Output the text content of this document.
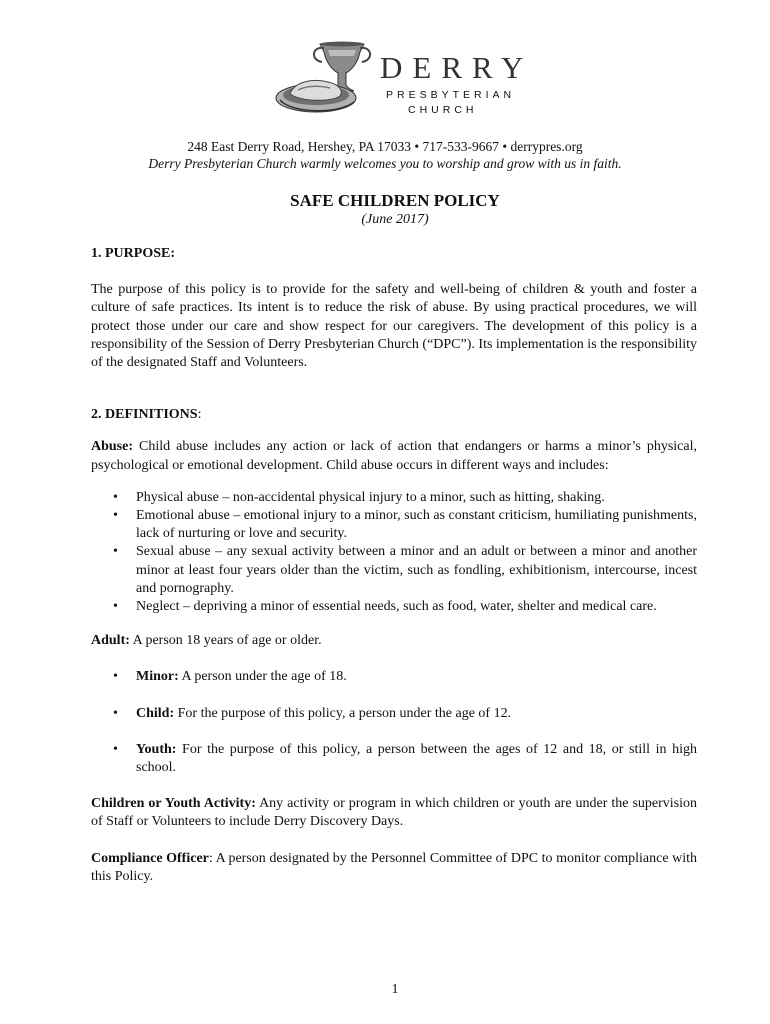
DERRY
PRESBYTERIAN
CHURCH
248 East Derry Road, Hershey, PA 17033 • 717-533-9667 • derrypres.org
Derry Presbyterian Church warmly welcomes you to worship and grow with us in faith.
SAFE CHILDREN POLICY
(June 2017)

1. PURPOSE:

The purpose of this policy is to provide for the safety and well-being of children & youth and foster a culture of safe practices. Its intent is to reduce the risk of abuse. By using practical procedures, we will protect those under our care and show respect for our caregivers. The development of this policy is a responsibility of the Session of Derry Presbyterian Church (“DPC”). Its implementation is the responsibility of the designated Staff and Volunteers.

2. DEFINITIONS:

Abuse: Child abuse includes any action or lack of action that endangers or harms a minor’s physical, psychological or emotional development. Child abuse occurs in different ways and includes:

• Physical abuse – non-accidental physical injury to a minor, such as hitting, shaking.
• Emotional abuse – emotional injury to a minor, such as constant criticism, humiliating punishments, lack of nurturing or love and security.
• Sexual abuse – any sexual activity between a minor and an adult or between a minor and another minor at least four years older than the victim, such as fondling, exhibitionism, intercourse, incest and pornography.
• Neglect – depriving a minor of essential needs, such as food, water, shelter and medical care.

Adult: A person 18 years of age or older.

• Minor: A person under the age of 18.
• Child: For the purpose of this policy, a person under the age of 12.
• Youth: For the purpose of this policy, a person between the ages of 12 and 18, or still in high school.

Children or Youth Activity: Any activity or program in which children or youth are under the supervision of Staff or Volunteers to include Derry Discovery Days.

Compliance Officer: A person designated by the Personnel Committee of DPC to monitor compliance with this Policy.

1
